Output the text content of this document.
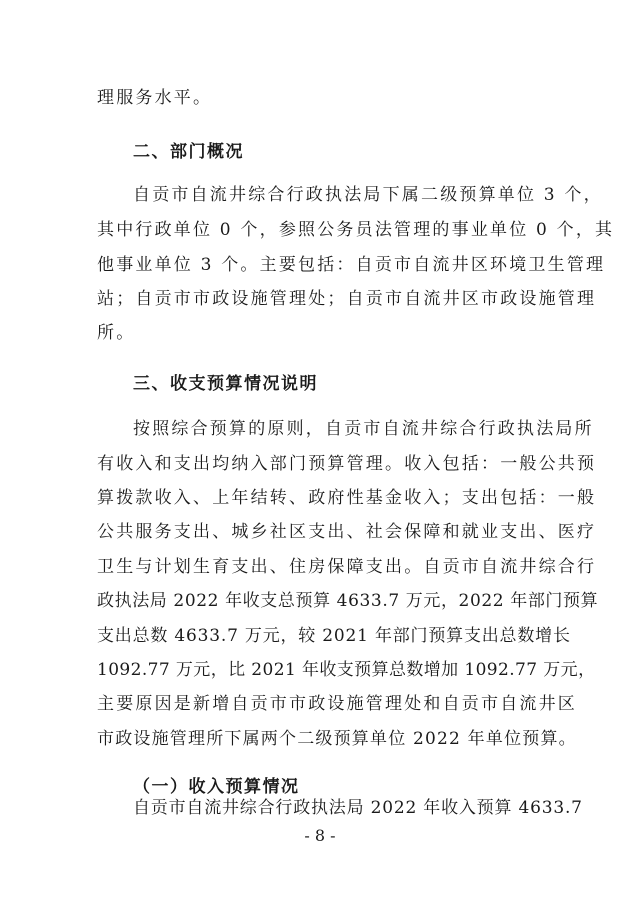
理服务水平。
二、部门概况
自贡市自流井综合行政执法局下属二级预算单位 3 个，
其中行政单位 0 个，参照公务员法管理的事业单位 0 个，其
他事业单位 3 个。主要包括：自贡市自流井区环境卫生管理
站；自贡市市政设施管理处；自贡市自流井区市政设施管理
所。
三、收支预算情况说明
按照综合预算的原则，自贡市自流井综合行政执法局所
有收入和支出均纳入部门预算管理。收入包括：一般公共预
算拨款收入、上年结转、政府性基金收入；支出包括：一般
公共服务支出、城乡社区支出、社会保障和就业支出、医疗
卫生与计划生育支出、住房保障支出。自贡市自流井综合行
政执法局 2022 年收支总预算 4633.7 万元，2022 年部门预算
支出总数 4633.7 万元，较 2021 年部门预算支出总数增长
1092.77 万元，比 2021 年收支预算总数增加 1092.77 万元，
主要原因是新增自贡市市政设施管理处和自贡市自流井区
市政设施管理所下属两个二级预算单位 2022 年单位预算。
（一）收入预算情况
自贡市自流井综合行政执法局 2022 年收入预算 4633.7
- 8 -
